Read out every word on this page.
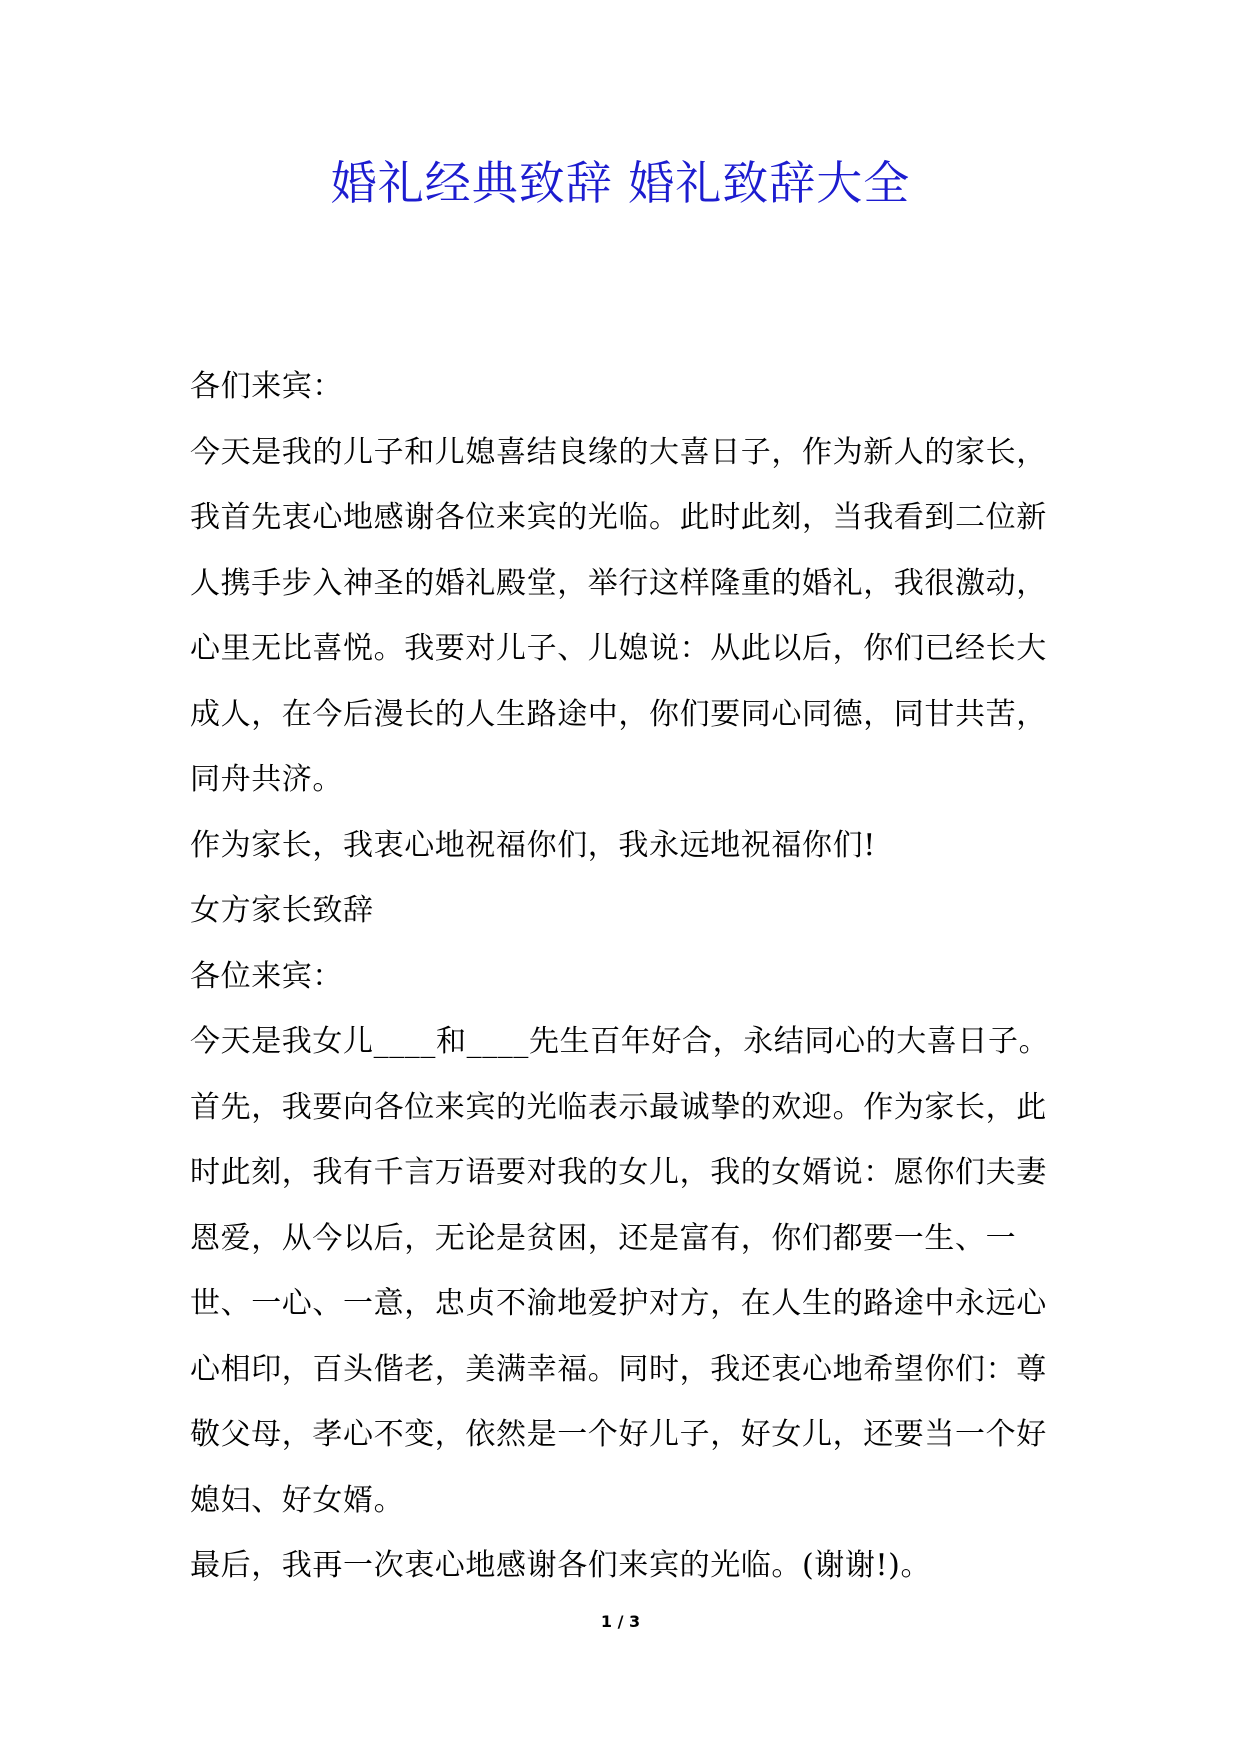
婚礼经典致辞 婚礼致辞大全

各们来宾：

今天是我的儿子和儿媳喜结良缘的大喜日子，作为新人的家长，我首先衷心地感谢各位来宾的光临。此时此刻，当我看到二位新人携手步入神圣的婚礼殿堂，举行这样隆重的婚礼，我很激动，心里无比喜悦。我要对儿子、儿媳说：从此以后，你们已经长大成人，在今后漫长的人生路途中，你们要同心同德，同甘共苦，同舟共济。

作为家长，我衷心地祝福你们，我永远地祝福你们!

女方家长致辞

各位来宾：

今天是我女儿____和____先生百年好合，永结同心的大喜日子。首先，我要向各位来宾的光临表示最诚挚的欢迎。作为家长，此时此刻，我有千言万语要对我的女儿，我的女婿说：愿你们夫妻恩爱，从今以后，无论是贫困，还是富有，你们都要一生、一世、一心、一意，忠贞不渝地爱护对方，在人生的路途中永远心心相印，百头偕老，美满幸福。同时，我还衷心地希望你们：尊敬父母，孝心不变，依然是一个好儿子，好女儿，还要当一个好媳妇、好女婿。

最后，我再一次衷心地感谢各们来宾的光临。(谢谢!)。

1 / 3
